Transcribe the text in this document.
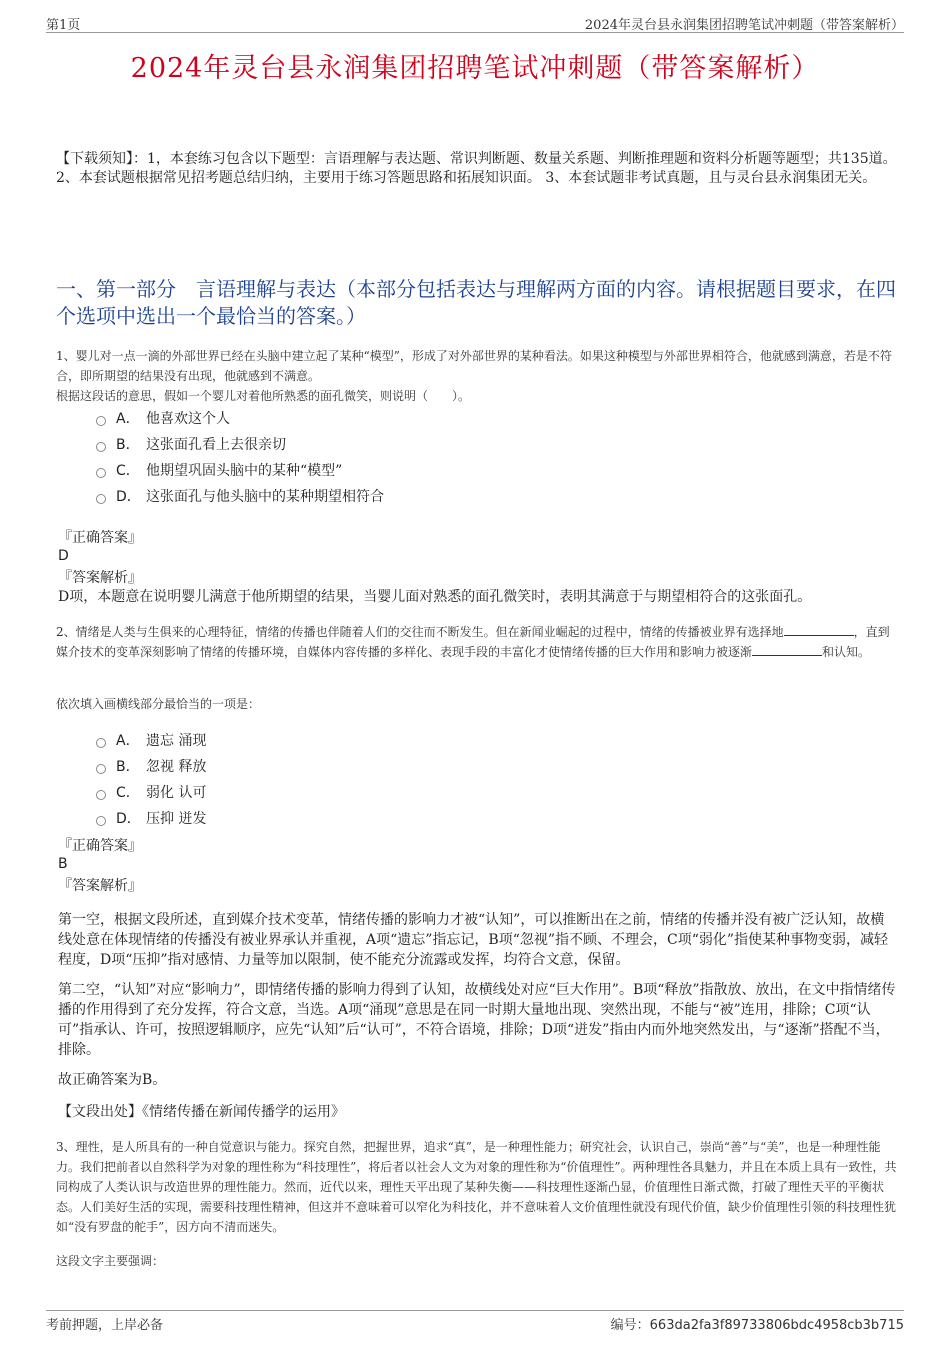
第1页	2024年灵台县永润集团招聘笔试冲刺题（带答案解析）
2024年灵台县永润集团招聘笔试冲刺题（带答案解析）
【下载须知】：1，本套练习包含以下题型：言语理解与表达题、常识判断题、数量关系题、判断推理题和资料分析题等题型；共135道。 2、本套试题根据常见招考题总结归纳，主要用于练习答题思路和拓展知识面。 3、本套试题非考试真题，且与灵台县永润集团无关。
一、第一部分　言语理解与表达（本部分包括表达与理解两方面的内容。请根据题目要求，在四个选项中选出一个最恰当的答案。）
1、婴儿对一点一滴的外部世界已经在头脑中建立起了某种“模型”，形成了对外部世界的某种看法。如果这种模型与外部世界相符合，他就感到满意，若是不符合，即所期望的结果没有出现，他就感到不满意。
根据这段话的意思，假如一个婴儿对着他所熟悉的面孔微笑，则说明（　　）。
A． 他喜欢这个人
B． 这张面孔看上去很亲切
C． 他期望巩固头脑中的某种“模型”
D． 这张面孔与他头脑中的某种期望相符合
『正确答案』
D
『答案解析』
D项，本题意在说明婴儿满意于他所期望的结果，当婴儿面对熟悉的面孔微笑时，表明其满意于与期望相符合的这张面孔。
2、情绪是人类与生俱来的心理特征，情绪的传播也伴随着人们的交往而不断发生。但在新闻业崛起的过程中，情绪的传播被业界有选择地	，直到媒介技术的变革深刻影响了情绪的传播环境，自媒体内容传播的多样化、表现手段的丰富化才使情绪传播的巨大作用和影响力被逐渐	和认知。
依次填入画横线部分最恰当的一项是：
A． 遗忘 涌现
B． 忽视 释放
C． 弱化 认可
D． 压抑 迸发
『正确答案』
B
『答案解析』
第一空，根据文段所述，直到媒介技术变革，情绪传播的影响力才被“认知”，可以推断出在之前，情绪的传播并没有被广泛认知，故横线处意在体现情绪的传播没有被业界承认并重视，A项“遗忘”指忘记，B项“忽视”指不顾、不理会，C项“弱化”指使某种事物变弱，减轻程度，D项“压抑”指对感情、力量等加以限制，使不能充分流露或发挥，均符合文意，保留。
第二空，“认知”对应“影响力”，即情绪传播的影响力得到了认知，故横线处对应“巨大作用”。B项“释放”指散放、放出，在文中指情绪传播的作用得到了充分发挥，符合文意，当选。A项“涌现”意思是在同一时期大量地出现、突然出现，不能与“被”连用，排除；C项“认可”指承认、许可，按照逻辑顺序，应先“认知”后“认可”，不符合语境，排除；D项“迸发”指由内而外地突然发出，与“逐渐”搭配不当，排除。
故正确答案为B。
【文段出处】《情绪传播在新闻传播学的运用》
3、理性，是人所具有的一种自觉意识与能力。探究自然，把握世界，追求“真”，是一种理性能力；研究社会，认识自己，崇尚“善”与“美”，也是一种理性能力。我们把前者以自然科学为对象的理性称为“科技理性”，将后者以社会人文为对象的理性称为“价值理性”。两种理性各具魅力，并且在本质上具有一致性，共同构成了人类认识与改造世界的理性能力。然而，近代以来，理性天平出现了某种失衡——科技理性逐渐凸显，价值理性日渐式微，打破了理性天平的平衡状态。人们美好生活的实现，需要科技理性精神，但这并不意味着可以窄化为科技化，并不意味着人文价值理性就没有现代价值，缺少价值理性引领的科技理性犹如“没有罗盘的舵手”，因方向不清而迷失。
这段文字主要强调：
考前押题，上岸必备	编号：663da2fa3f89733806bdc4958cb3b715
